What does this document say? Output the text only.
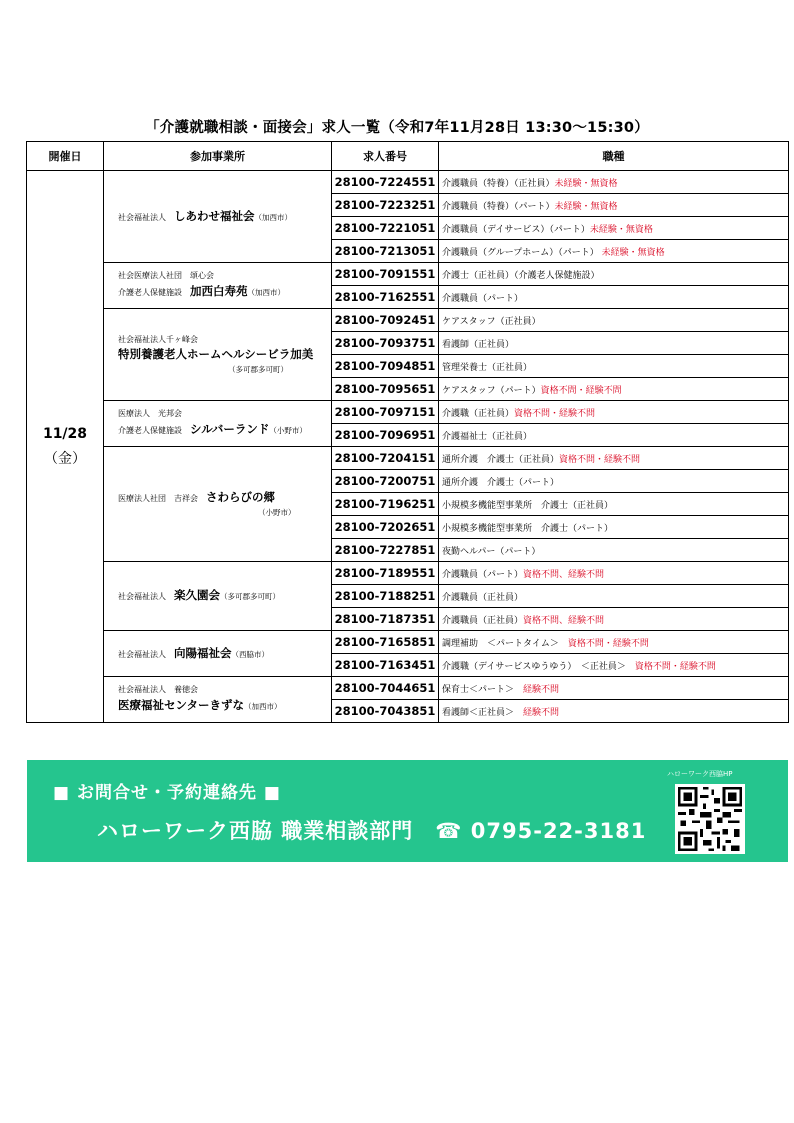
「介護就職相談・面接会」求人一覧（令和7年11月28日 13:30～15:30）
開催日	参加事業所	求人番号	職種
11/28
（金）	社会福祉法人　 しあわせ福祉会（加西市）	28100-7224551	介護職員（特養）（正社員）未経験・無資格
		28100-7223251	介護職員（特養）（パート）未経験・無資格
		28100-7221051	介護職員（デイサービス）（パート）未経験・無資格
		28100-7213051	介護職員（グループホーム）（パート） 未経験・無資格

	社会医療法人社団　頌心会
介護老人保健施設　 加西白寿苑（加西市）	28100-7091551	介護士（正社員）（介護老人保健施設）
		28100-7162551	介護職員（パート）

	社会福祉法人千ヶ峰会
特別養護老人ホームヘルシービラ加美
（多可郡多可町）	28100-7092451	ケアスタッフ（正社員）
		28100-7093751	看護師（正社員）
		28100-7094851	管理栄養士（正社員）
		28100-7095651	ケアスタッフ（パート）資格不問・経験不問

	医療法人　光邦会
介護老人保健施設　 シルバーランド（小野市）	28100-7097151	介護職（正社員）資格不問・経験不問
		28100-7096951	介護福祉士（正社員）

	医療法人社団　吉祥会　 さわらびの郷
（小野市）	28100-7204151	通所介護　介護士（正社員）資格不問・経験不問
		28100-7200751	通所介護　介護士（パート）
		28100-7196251	小規模多機能型事業所　介護士（正社員）
		28100-7202651	小規模多機能型事業所　介護士（パート）
		28100-7227851	夜勤ヘルパー（パート）

	社会福祉法人　 楽久園会（多可郡多可町）	28100-7189551	介護職員（パート）資格不問、経験不問
		28100-7188251	介護職員（正社員）
		28100-7187351	介護職員（正社員）資格不問、経験不問

	社会福祉法人　 向陽福祉会（西脇市）	28100-7165851	調理補助　＜パートタイム＞　資格不問・経験不問
		28100-7163451	介護職（デイサービスゆうゆう）　＜正社員＞　資格不問・経験不問

	社会福祉法人　養徳会
医療福祉センターきずな（加西市）	28100-7044651	保育士＜パート＞　経験不問
		28100-7043851	看護師＜正社員＞　経験不問
■ お問合せ・予約連絡先 ■
ハローワーク西脇 職業相談部門　☎ 0795-22-3181
ハローワーク西脇HP
